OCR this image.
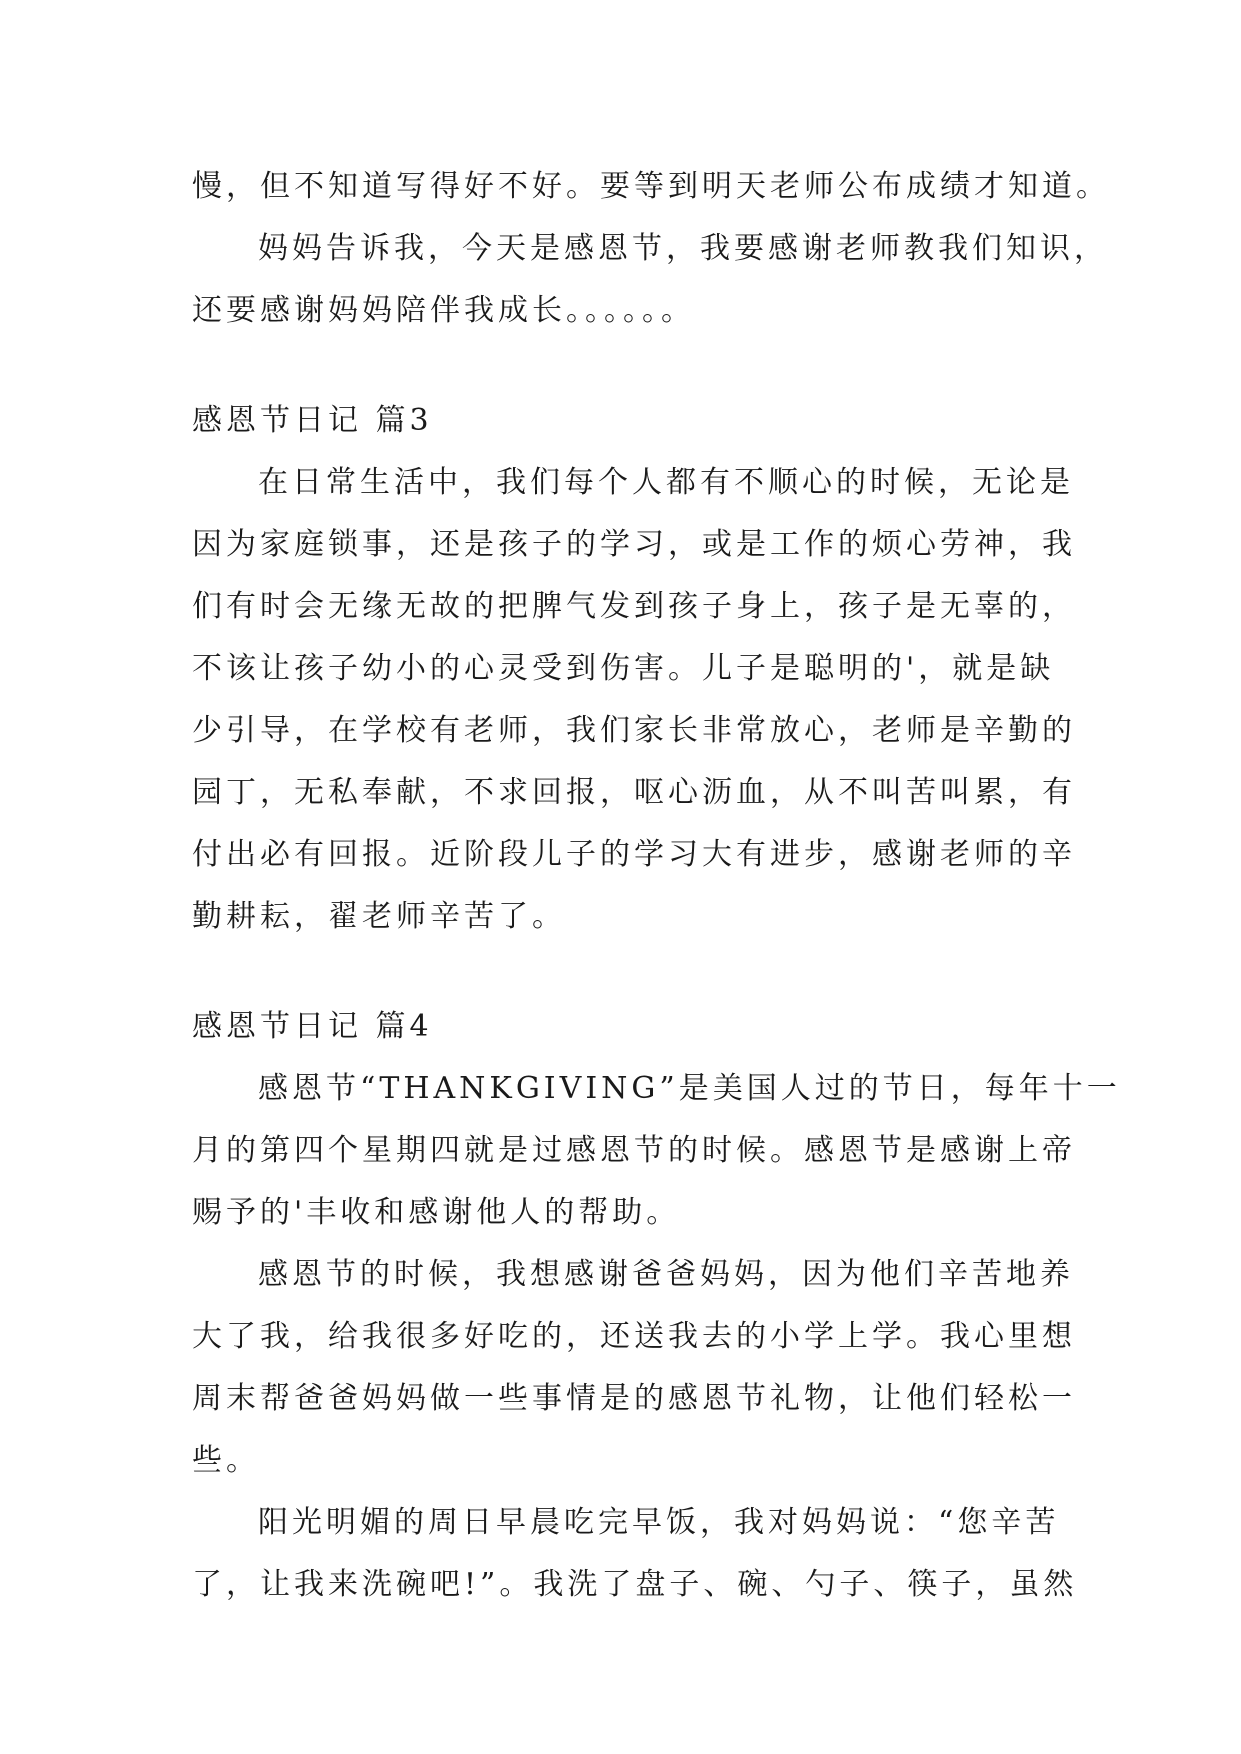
慢，但不知道写得好不好。要等到明天老师公布成绩才知道。
妈妈告诉我，今天是感恩节，我要感谢老师教我们知识，
还要感谢妈妈陪伴我成长。。。。。。
感恩节日记 篇3
在日常生活中，我们每个人都有不顺心的时候，无论是
因为家庭锁事，还是孩子的学习，或是工作的烦心劳神，我
们有时会无缘无故的把脾气发到孩子身上，孩子是无辜的，
不该让孩子幼小的心灵受到伤害。儿子是聪明的'，就是缺
少引导，在学校有老师，我们家长非常放心，老师是辛勤的
园丁，无私奉献，不求回报，呕心沥血，从不叫苦叫累，有
付出必有回报。近阶段儿子的学习大有进步，感谢老师的辛
勤耕耘，翟老师辛苦了。
感恩节日记 篇4
感恩节“THANKGIVING”是美国人过的节日，每年十一
月的第四个星期四就是过感恩节的时候。感恩节是感谢上帝
赐予的'丰收和感谢他人的帮助。
感恩节的时候，我想感谢爸爸妈妈，因为他们辛苦地养
大了我，给我很多好吃的，还送我去的小学上学。我心里想
周末帮爸爸妈妈做一些事情是的感恩节礼物，让他们轻松一
些。
阳光明媚的周日早晨吃完早饭，我对妈妈说：“您辛苦
了，让我来洗碗吧!”。我洗了盘子、碗、勺子、筷子，虽然
